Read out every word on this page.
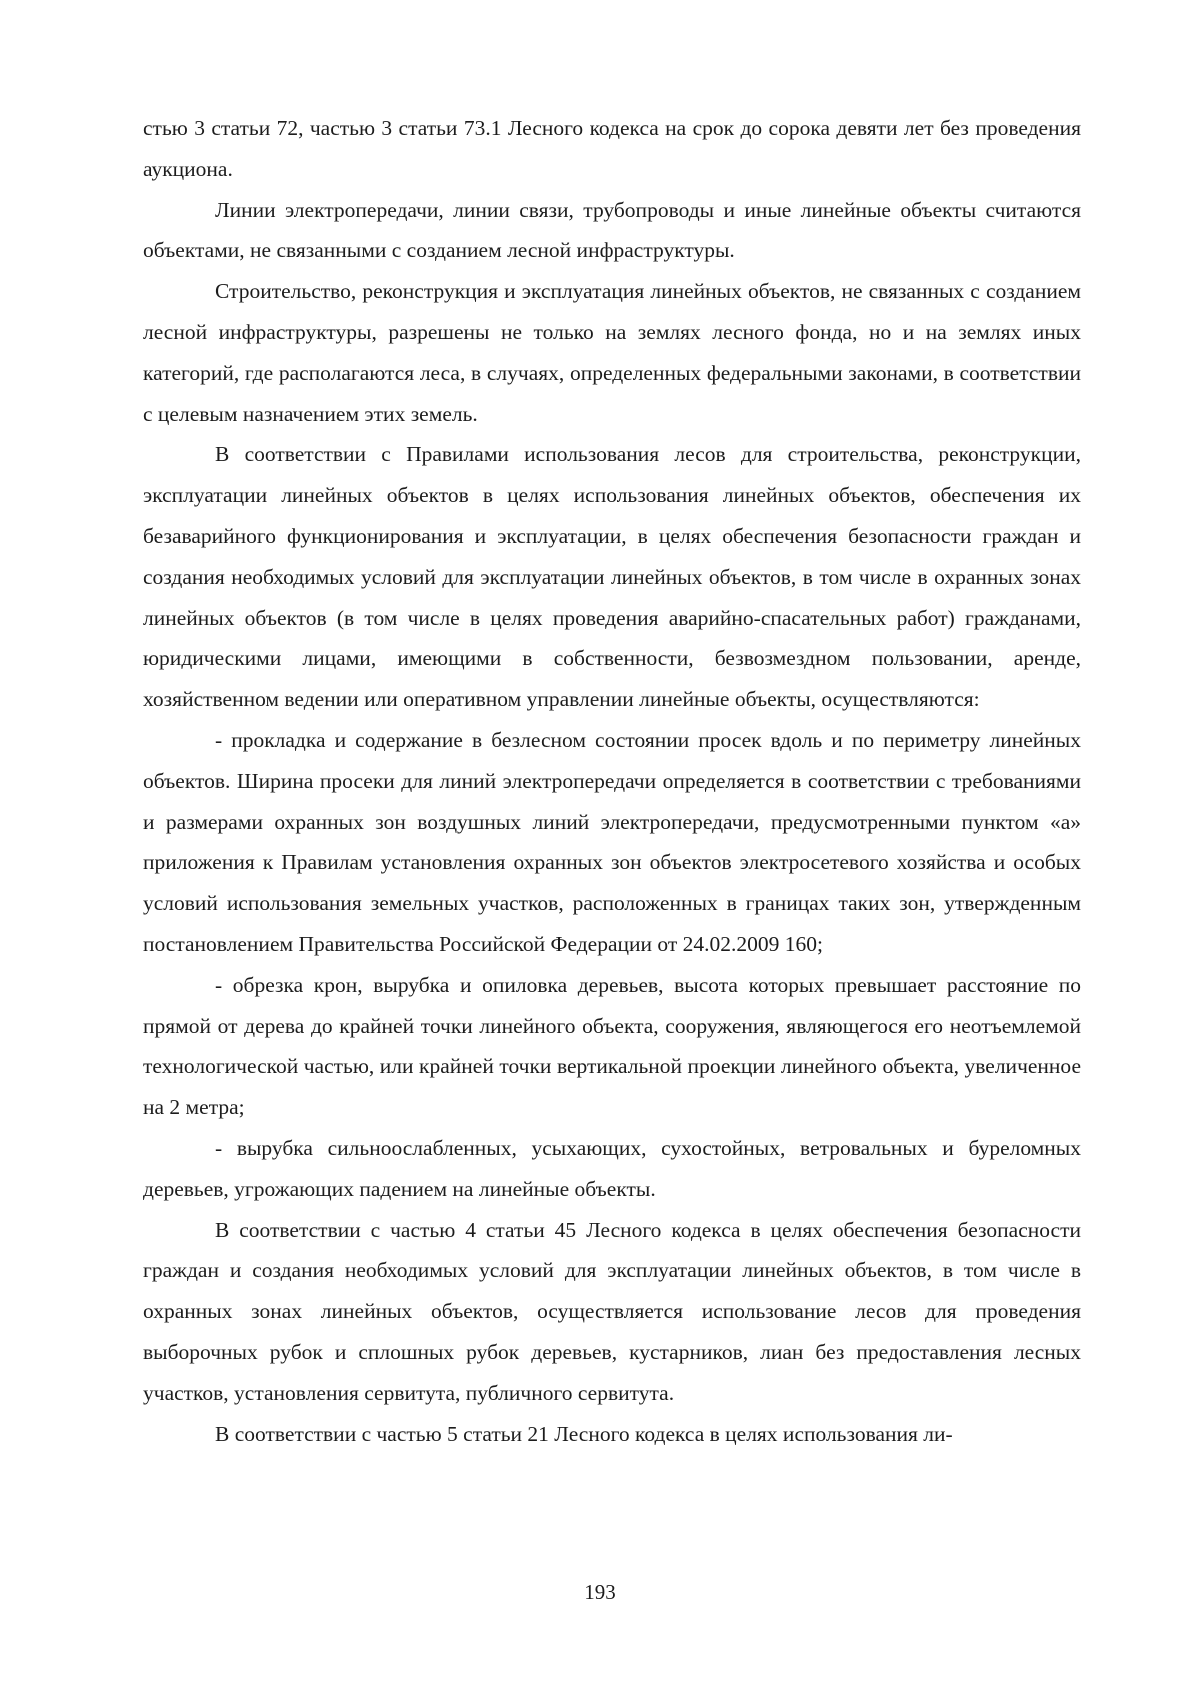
стью 3 статьи 72, частью 3 статьи 73.1 Лесного кодекса на срок до сорока девяти лет без проведения аукциона.

Линии электропередачи, линии связи, трубопроводы и иные линейные объекты считаются объектами, не связанными с созданием лесной инфраструктуры.

Строительство, реконструкция и эксплуатация линейных объектов, не связанных с созданием лесной инфраструктуры, разрешены не только на землях лесного фонда, но и на землях иных категорий, где располагаются леса, в случаях, определенных федеральными законами, в соответствии с целевым назначением этих земель.

В соответствии с Правилами использования лесов для строительства, реконструкции, эксплуатации линейных объектов в целях использования линейных объектов, обеспечения их безаварийного функционирования и эксплуатации, в целях обеспечения безопасности граждан и создания необходимых условий для эксплуатации линейных объектов, в том числе в охранных зонах линейных объектов (в том числе в целях проведения аварийно-спасательных работ) гражданами, юридическими лицами, имеющими в собственности, безвозмездном пользовании, аренде, хозяйственном ведении или оперативном управлении линейные объекты, осуществляются:

- прокладка и содержание в безлесном состоянии просек вдоль и по периметру линейных объектов. Ширина просеки для линий электропередачи определяется в соответствии с требованиями и размерами охранных зон воздушных линий электропередачи, предусмотренными пунктом «а» приложения к Правилам установления охранных зон объектов электросетевого хозяйства и особых условий использования земельных участков, расположенных в границах таких зон, утвержденным постановлением Правительства Российской Федерации от 24.02.2009 160;

- обрезка крон, вырубка и опиловка деревьев, высота которых превышает расстояние по прямой от дерева до крайней точки линейного объекта, сооружения, являющегося его неотъемлемой технологической частью, или крайней точки вертикальной проекции линейного объекта, увеличенное на 2 метра;

- вырубка сильноослабленных, усыхающих, сухостойных, ветровальных и буреломных деревьев, угрожающих падением на линейные объекты.

В соответствии с частью 4 статьи 45 Лесного кодекса в целях обеспечения безопасности граждан и создания необходимых условий для эксплуатации линейных объектов, в том числе в охранных зонах линейных объектов, осуществляется использование лесов для проведения выборочных рубок и сплошных рубок деревьев, кустарников, лиан без предоставления лесных участков, установления сервитута, публичного сервитута.

В соответствии с частью 5 статьи 21 Лесного кодекса в целях использования ли-

193
